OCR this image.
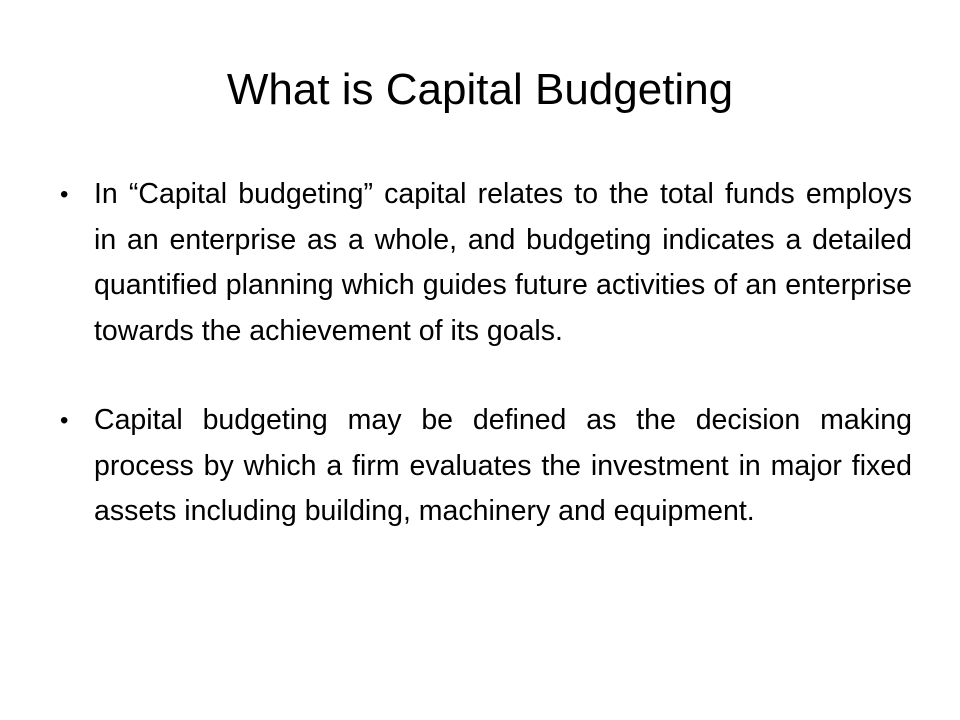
What is Capital Budgeting
• In “Capital budgeting” capital relates to the total funds employs in an enterprise as a whole, and budgeting indicates a detailed quantified planning which guides future activities of an enterprise towards the achievement of its goals.
• Capital budgeting may be defined as the decision making process by which a firm evaluates the investment in major fixed assets including building, machinery and equipment.
